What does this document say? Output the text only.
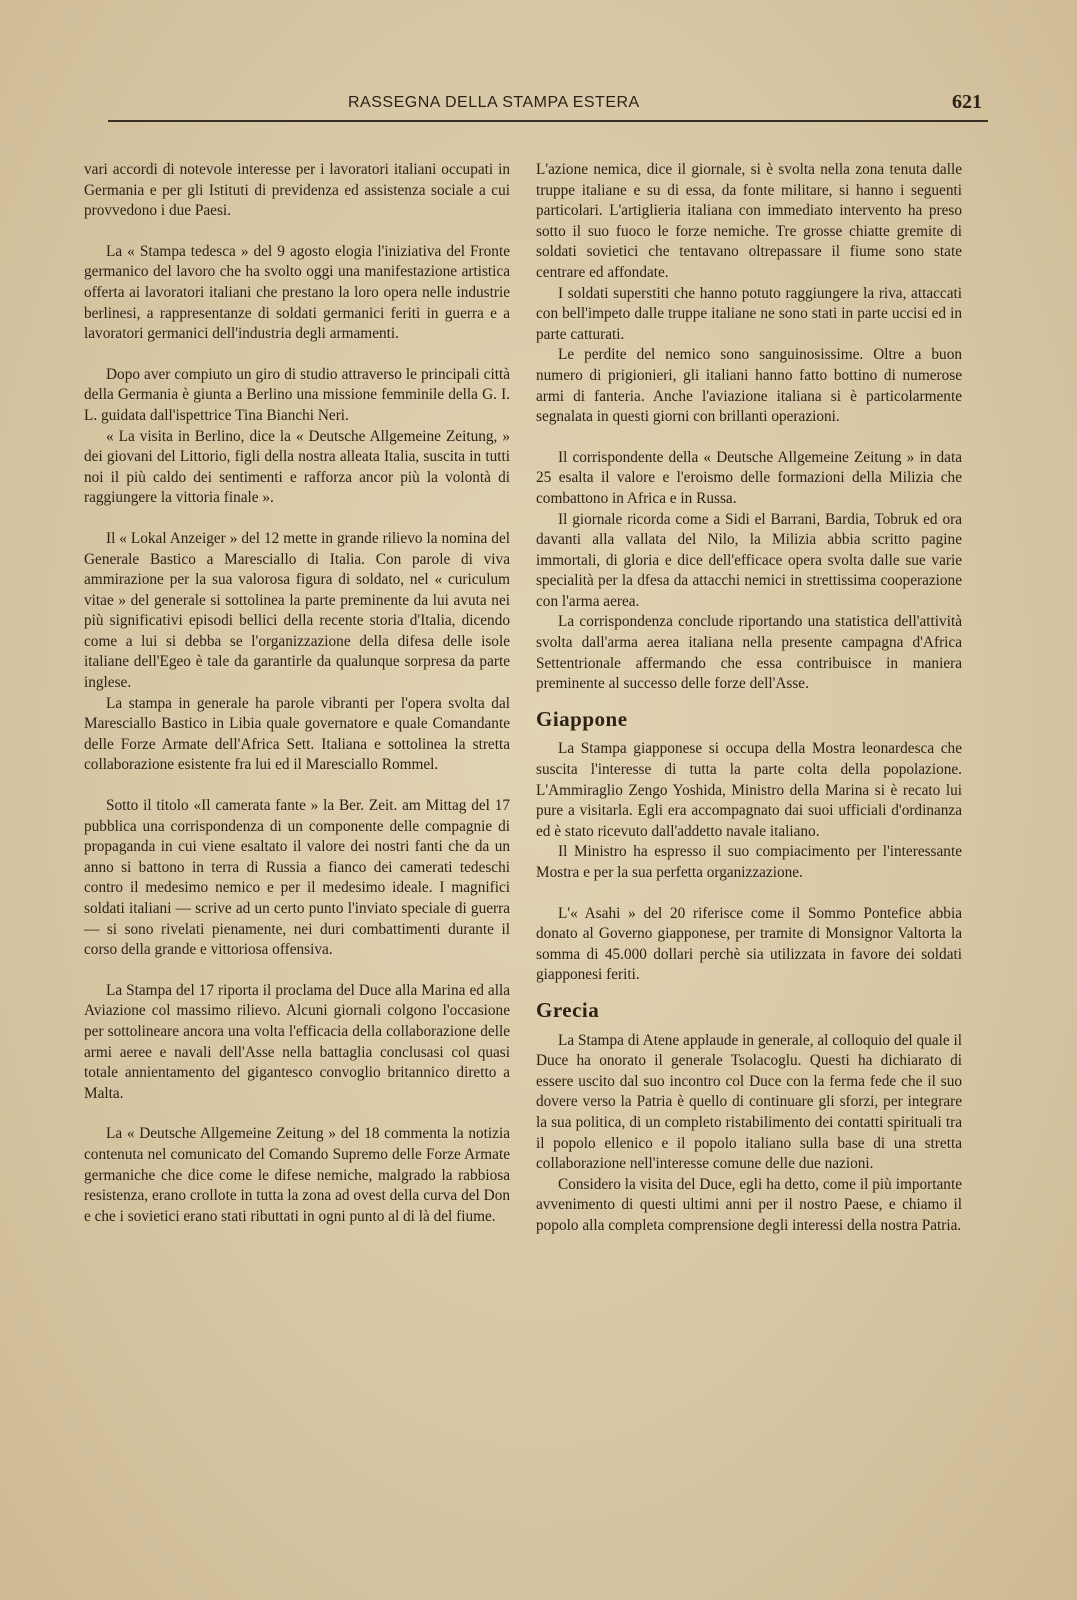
RASSEGNA DELLA STAMPA ESTERA	621

vari accordi di notevole interesse per i lavoratori italiani occupati in Germania e per gli Istituti di previdenza ed assistenza sociale a cui provvedono i due Paesi.

La « Stampa tedesca » del 9 agosto elogia l'iniziativa del Fronte germanico del lavoro che ha svolto oggi una manifestazione artistica offerta ai lavoratori italiani che prestano la loro opera nelle industrie berlinesi, a rappresentanze di soldati germanici feriti in guerra e a lavoratori germanici dell'industria degli armamenti.

Dopo aver compiuto un giro di studio attraverso le principali città della Germania è giunta a Berlino una missione femminile della G. I. L. guidata dall'ispettrice Tina Bianchi Neri.

« La visita in Berlino, dice la « Deutsche Allgemeine Zeitung, » dei giovani del Littorio, figli della nostra alleata Italia, suscita in tutti noi il più caldo dei sentimenti e rafforza ancor più la volontà di raggiungere la vittoria finale ».

Il « Lokal Anzeiger » del 12 mette in grande rilievo la nomina del Generale Bastico a Maresciallo di Italia. Con parole di viva ammirazione per la sua valorosa figura di soldato, nel « curiculum vitae » del generale si sottolinea la parte preminente da lui avuta nei più significativi episodi bellici della recente storia d'Italia, dicendo come a lui si debba se l'organizzazione della difesa delle isole italiane dell'Egeo è tale da garantirle da qualunque sorpresa da parte inglese.

La stampa in generale ha parole vibranti per l'opera svolta dal Maresciallo Bastico in Libia quale governatore e quale Comandante delle Forze Armate dell'Africa Sett. Italiana e sottolinea la stretta collaborazione esistente fra lui ed il Maresciallo Rommel.

Sotto il titolo «Il camerata fante » la Ber. Zeit. am Mittag del 17 pubblica una corrispondenza di un componente delle compagnie di propaganda in cui viene esaltato il valore dei nostri fanti che da un anno si battono in terra di Russia a fianco dei camerati tedeschi contro il medesimo nemico e per il medesimo ideale. I magnifici soldati italiani — scrive ad un certo punto l'inviato speciale di guerra — si sono rivelati pienamente, nei duri combattimenti durante il corso della grande e vittoriosa offensiva.

La Stampa del 17 riporta il proclama del Duce alla Marina ed alla Aviazione col massimo rilievo. Alcuni giornali colgono l'occasione per sottolineare ancora una volta l'efficacia della collaborazione delle armi aeree e navali dell'Asse nella battaglia conclusasi col quasi totale annientamento del gigantesco convoglio britannico diretto a Malta.

La « Deutsche Allgemeine Zeitung » del 18 commenta la notizia contenuta nel comunicato del Comando Supremo delle Forze Armate germaniche che dice come le difese nemiche, malgrado la rabbiosa resistenza, erano crollote in tutta la zona ad ovest della curva del Don e che i sovietici erano stati ributtati in ogni punto al di là del fiume.

L'azione nemica, dice il giornale, si è svolta nella zona tenuta dalle truppe italiane e su di essa, da fonte militare, si hanno i seguenti particolari. L'artiglieria italiana con immediato intervento ha preso sotto il suo fuoco le forze nemiche. Tre grosse chiatte gremite di soldati sovietici che tentavano oltrepassare il fiume sono state centrare ed affondate.

I soldati superstiti che hanno potuto raggiungere la riva, attaccati con bell'impeto dalle truppe italiane ne sono stati in parte uccisi ed in parte catturati.

Le perdite del nemico sono sanguinosissime. Oltre a buon numero di prigionieri, gli italiani hanno fatto bottino di numerose armi di fanteria. Anche l'aviazione italiana si è particolarmente segnalata in questi giorni con brillanti operazioni.

Il corrispondente della « Deutsche Allgemeine Zeitung » in data 25 esalta il valore e l'eroismo delle formazioni della Milizia che combattono in Africa e in Russa.

Il giornale ricorda come a Sidi el Barrani, Bardia, Tobruk ed ora davanti alla vallata del Nilo, la Milizia abbia scritto pagine immortali, di gloria e dice dell'efficace opera svolta dalle sue varie specialità per la dfesa da attacchi nemici in strettissima cooperazione con l'arma aerea.

La corrispondenza conclude riportando una statistica dell'attività svolta dall'arma aerea italiana nella presente campagna d'Africa Settentrionale affermando che essa contribuisce in maniera preminente al successo delle forze dell'Asse.

Giappone

La Stampa giapponese si occupa della Mostra leonardesca che suscita l'interesse di tutta la parte colta della popolazione. L'Ammiraglio Zengo Yoshida, Ministro della Marina si è recato lui pure a visitarla. Egli era accompagnato dai suoi ufficiali d'ordinanza ed è stato ricevuto dall'addetto navale italiano.

Il Ministro ha espresso il suo compiacimento per l'interessante Mostra e per la sua perfetta organizzazione.

L'« Asahi » del 20 riferisce come il Sommo Pontefice abbia donato al Governo giapponese, per tramite di Monsignor Valtorta la somma di 45.000 dollari perchè sia utilizzata in favore dei soldati giapponesi feriti.

Grecia

La Stampa di Atene applaude in generale, al colloquio del quale il Duce ha onorato il generale Tsolacoglu. Questi ha dichiarato di essere uscito dal suo incontro col Duce con la ferma fede che il suo dovere verso la Patria è quello di continuare gli sforzi, per integrare la sua politica, di un completo ristabilimento dei contatti spirituali tra il popolo ellenico e il popolo italiano sulla base di una stretta collaborazione nell'interesse comune delle due nazioni.

Considero la visita del Duce, egli ha detto, come il più importante avvenimento di questi ultimi anni per il nostro Paese, e chiamo il popolo alla completa comprensione degli interessi della nostra Patria.
